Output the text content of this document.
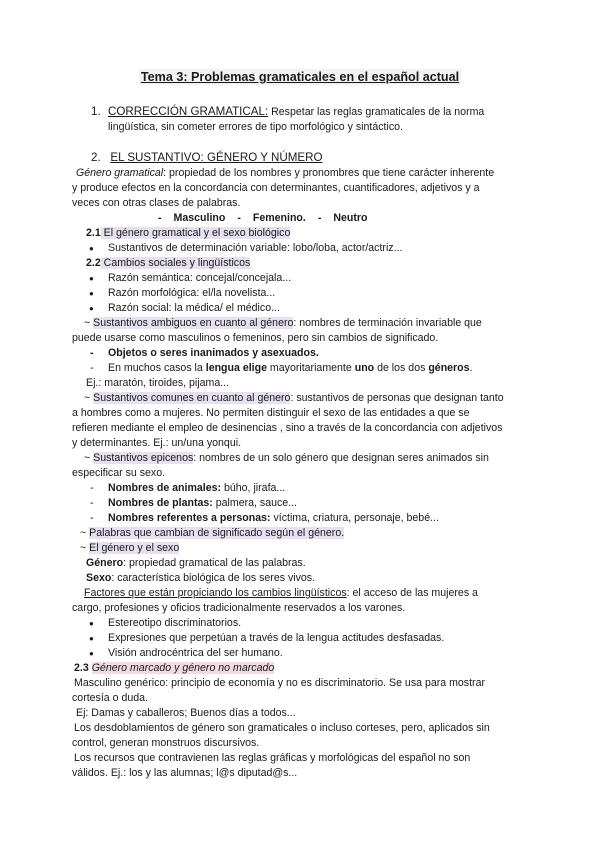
Tema 3: Problemas gramaticales en el español actual
1. CORRECCIÓN GRAMATICAL: Respetar las reglas gramaticales de la norma
lingüística, sin cometer errores de tipo morfológico y sintáctico.
2. EL SUSTANTIVO: GÉNERO Y NÚMERO
Género gramatical: propiedad de los nombres y pronombres que tiene carácter inherente
y produce efectos en la concordancia con determinantes, cuantificadores, adjetivos y a
veces con otras clases de palabras.
- Masculino - Femenino. - Neutro
2.1 El género gramatical y el sexo biológico
● Sustantivos de determinación variable: lobo/loba, actor/actriz...
2.2 Cambios sociales y lingüísticos
● Razón semántica: concejal/concejala...
● Razón morfológica: el/la novelista...
● Razón social: la médica/ el médico...
~ Sustantivos ambiguos en cuanto al género: nombres de terminación invariable que
puede usarse como masculinos o femeninos, pero sin cambios de significado.
- Objetos o seres inanimados y asexuados.
- En muchos casos la lengua elige mayoritariamente uno de los dos géneros.
Ej.: maratón, tiroides, pijama...
~ Sustantivos comunes en cuanto al género: sustantivos de personas que designan tanto
a hombres como a mujeres. No permiten distinguir el sexo de las entidades a que se
refieren mediante el empleo de desinencias , sino a través de la concordancia con adjetivos
y determinantes. Ej.: un/una yonqui.
~ Sustantivos epicenos: nombres de un solo género que designan seres animados sin
especificar su sexo.
- Nombres de animales: búho, jirafa...
- Nombres de plantas: palmera, sauce...
- Nombres referentes a personas: víctima, criatura, personaje, bebé...
~ Palabras que cambian de significado según el género.
~ El género y el sexo
Género: propiedad gramatical de las palabras.
Sexo: característica biológica de los seres vivos.
Factores que están propiciando los cambios lingüísticos: el acceso de las mujeres a
cargo, profesiones y oficios tradicionalmente reservados a los varones.
● Estereotipo discriminatorios.
● Expresiones que perpetúan a través de la lengua actitudes desfasadas.
● Visión androcéntrica del ser humano.
2.3 Género marcado y género no marcado
Masculino genérico: principio de economía y no es discriminatorio. Se usa para mostrar
cortesía o duda.
Ej: Damas y caballeros; Buenos días a todos...
Los desdoblamientos de género son gramaticales o incluso corteses, pero, aplicados sin
control, generan monstruos discursivos.
Los recursos que contravienen las reglas gráficas y morfológicas del español no son
válidos. Ej.: los y las alumnas; l@s diputad@s...
